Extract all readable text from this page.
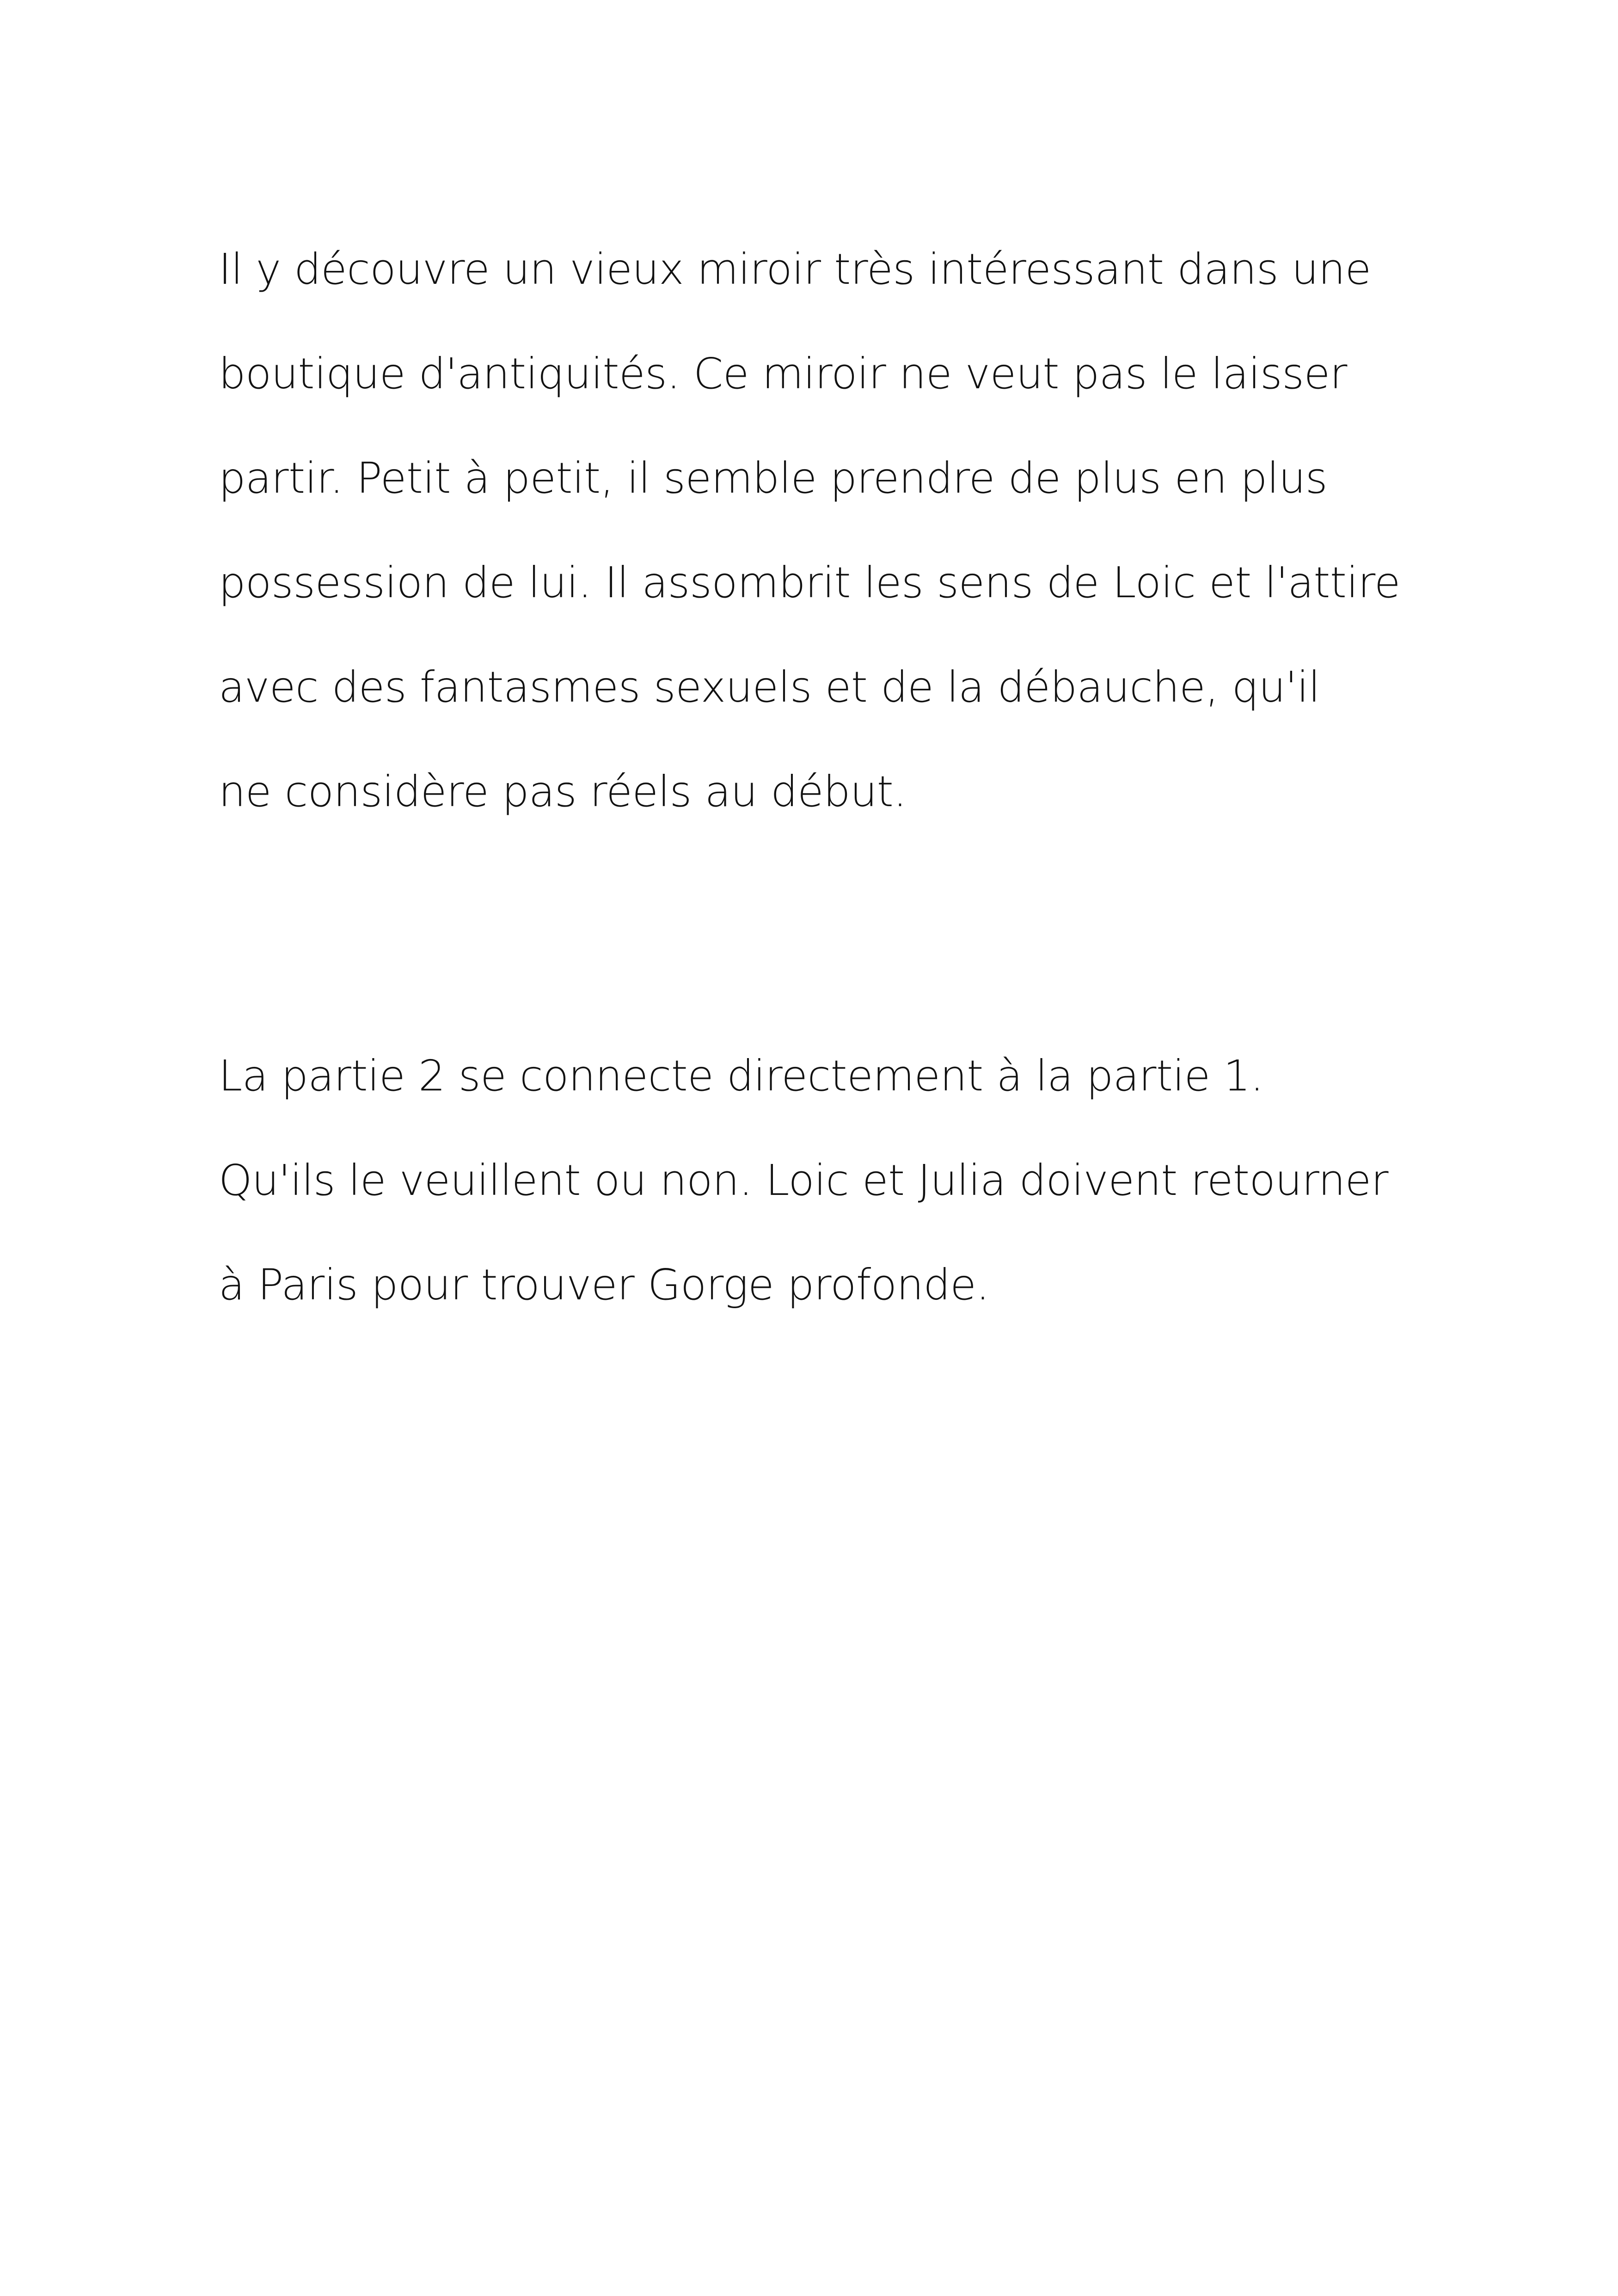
Il y découvre un vieux miroir très intéressant dans une
boutique d'antiquités. Ce miroir ne veut pas le laisser
partir. Petit à petit, il semble prendre de plus en plus
possession de lui. Il assombrit les sens de Loic et l'attire
avec des fantasmes sexuels et de la débauche, qu'il
ne considère pas réels au début.
La partie 2 se connecte directement à la partie 1.
Qu'ils le veuillent ou non. Loic et Julia doivent retourner
à Paris pour trouver Gorge profonde.
